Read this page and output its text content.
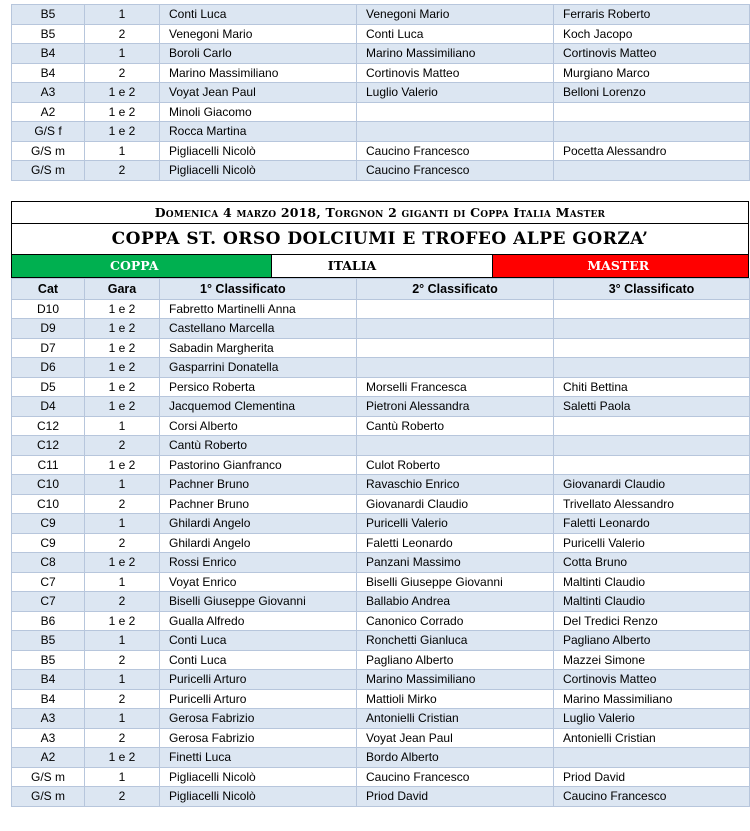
B5	1	Conti Luca	Venegoni Mario	Ferraris Roberto
B5	2	Venegoni Mario	Conti Luca	Koch Jacopo
B4	1	Boroli Carlo	Marino Massimiliano	Cortinovis Matteo
B4	2	Marino Massimiliano	Cortinovis Matteo	Murgiano Marco
A3	1 e 2	Voyat Jean Paul	Luglio Valerio	Belloni Lorenzo
A2	1 e 2	Minoli Giacomo		
G/S f	1 e 2	Rocca Martina		
G/S m	1	Pigliacelli Nicolò	Caucino Francesco	Pocetta Alessandro
G/S m	2	Pigliacelli Nicolò	Caucino Francesco	
Domenica 4 marzo 2018, Torgnon 2 giganti di Coppa Italia Master
COPPA ST. ORSO DOLCIUMI E TROFEO ALPE GORZA’
COPPA	ITALIA	MASTER
Cat	Gara	1° Classificato	2° Classificato	3° Classificato
D10	1 e 2	Fabretto Martinelli Anna		
D9	1 e 2	Castellano Marcella		
D7	1 e 2	Sabadin Margherita		
D6	1 e 2	Gasparrini Donatella		
D5	1 e 2	Persico Roberta	Morselli Francesca	Chiti Bettina
D4	1 e 2	Jacquemod Clementina	Pietroni Alessandra	Saletti Paola
C12	1	Corsi Alberto	Cantù Roberto	
C12	2	Cantù Roberto		
C11	1 e 2	Pastorino Gianfranco	Culot Roberto	
C10	1	Pachner Bruno	Ravaschio Enrico	Giovanardi Claudio
C10	2	Pachner Bruno	Giovanardi Claudio	Trivellato Alessandro
C9	1	Ghilardi Angelo	Puricelli Valerio	Faletti Leonardo
C9	2	Ghilardi Angelo	Faletti Leonardo	Puricelli Valerio
C8	1 e 2	Rossi Enrico	Panzani Massimo	Cotta Bruno
C7	1	Voyat Enrico	Biselli Giuseppe Giovanni	Maltinti Claudio
C7	2	Biselli Giuseppe Giovanni	Ballabio Andrea	Maltinti Claudio
B6	1 e 2	Gualla Alfredo	Canonico Corrado	Del Tredici Renzo
B5	1	Conti Luca	Ronchetti Gianluca	Pagliano Alberto
B5	2	Conti Luca	Pagliano Alberto	Mazzei Simone
B4	1	Puricelli Arturo	Marino Massimiliano	Cortinovis Matteo
B4	2	Puricelli Arturo	Mattioli Mirko	Marino Massimiliano
A3	1	Gerosa Fabrizio	Antonielli Cristian	Luglio Valerio
A3	2	Gerosa Fabrizio	Voyat Jean Paul	Antonielli Cristian
A2	1 e 2	Finetti Luca	Bordo Alberto	
G/S m	1	Pigliacelli Nicolò	Caucino Francesco	Priod David
G/S m	2	Pigliacelli Nicolò	Priod David	Caucino Francesco
